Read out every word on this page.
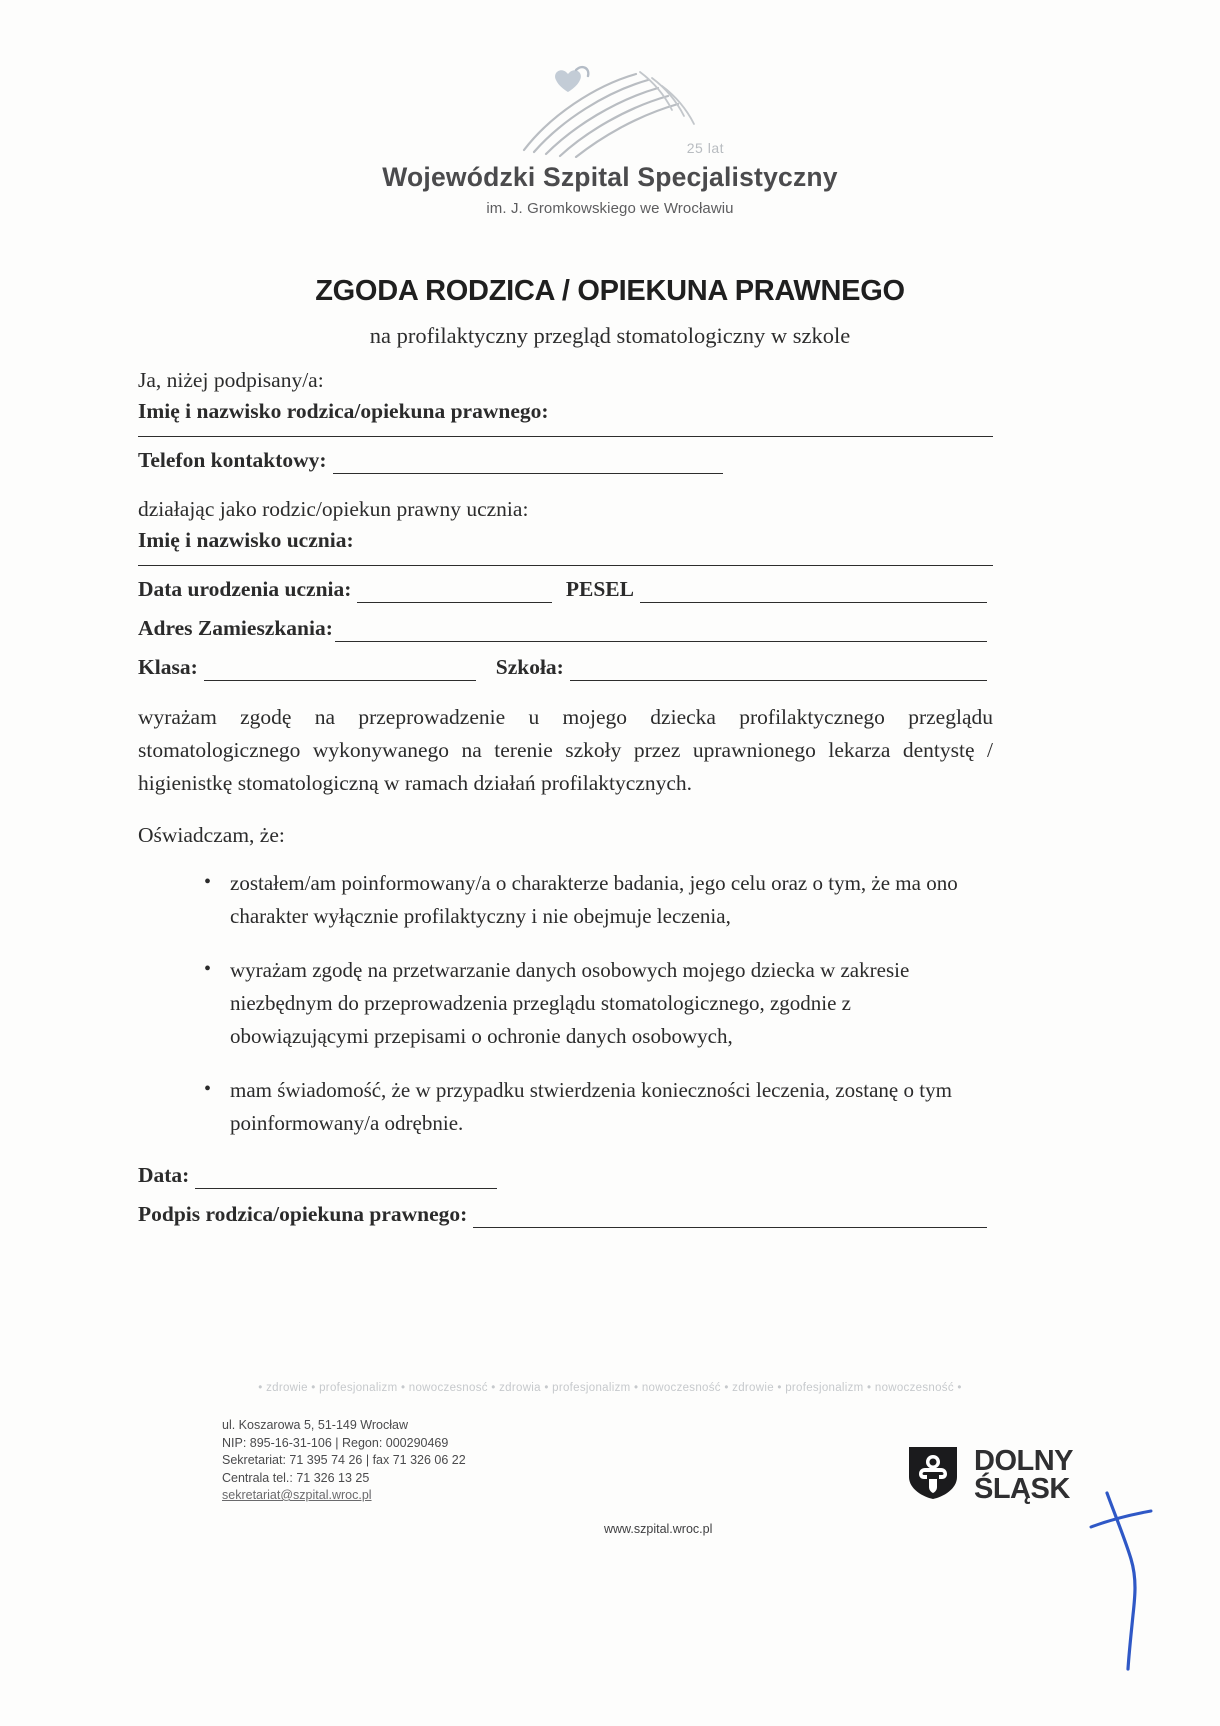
25 lat
Wojewódzki Szpital Specjalistyczny
im. J. Gromkowskiego we Wrocławiu
ZGODA RODZICA / OPIEKUNA PRAWNEGO
na profilaktyczny przegląd stomatologiczny w szkole
Ja, niżej podpisany/a:
Imię i nazwisko rodzica/opiekuna prawnego:
Telefon kontaktowy:
działając jako rodzic/opiekun prawny ucznia:
Imię i nazwisko ucznia:
Data urodzenia ucznia:	PESEL
Adres Zamieszkania:
Klasa:	Szkoła:
wyrażam zgodę na przeprowadzenie u mojego dziecka profilaktycznego przeglądu stomatologicznego wykonywanego na terenie szkoły przez uprawnionego lekarza dentystę / higienistkę stomatologiczną w ramach działań profilaktycznych.
Oświadczam, że:
• zostałem/am poinformowany/a o charakterze badania, jego celu oraz o tym, że ma ono charakter wyłącznie profilaktyczny i nie obejmuje leczenia,
• wyrażam zgodę na przetwarzanie danych osobowych mojego dziecka w zakresie niezbędnym do przeprowadzenia przeglądu stomatologicznego, zgodnie z obowiązującymi przepisami o ochronie danych osobowych,
• mam świadomość, że w przypadku stwierdzenia konieczności leczenia, zostanę o tym poinformowany/a odrębnie.
Data:
Podpis rodzica/opiekuna prawnego:
• zdrowie • profesjonalizm • nowoczesnosć • zdrowia • profesjonalizm • nowoczesność • zdrowie • profesjonalizm • nowoczesność •
ul. Koszarowa 5, 51-149 Wrocław
NIP: 895-16-31-106 | Regon: 000290469
Sekretariat: 71 395 74 26 | fax 71 326 06 22
Centrala tel.: 71 326 13 25
sekretariat@szpital.wroc.pl
www.szpital.wroc.pl
DOLNY
ŚLĄSK
